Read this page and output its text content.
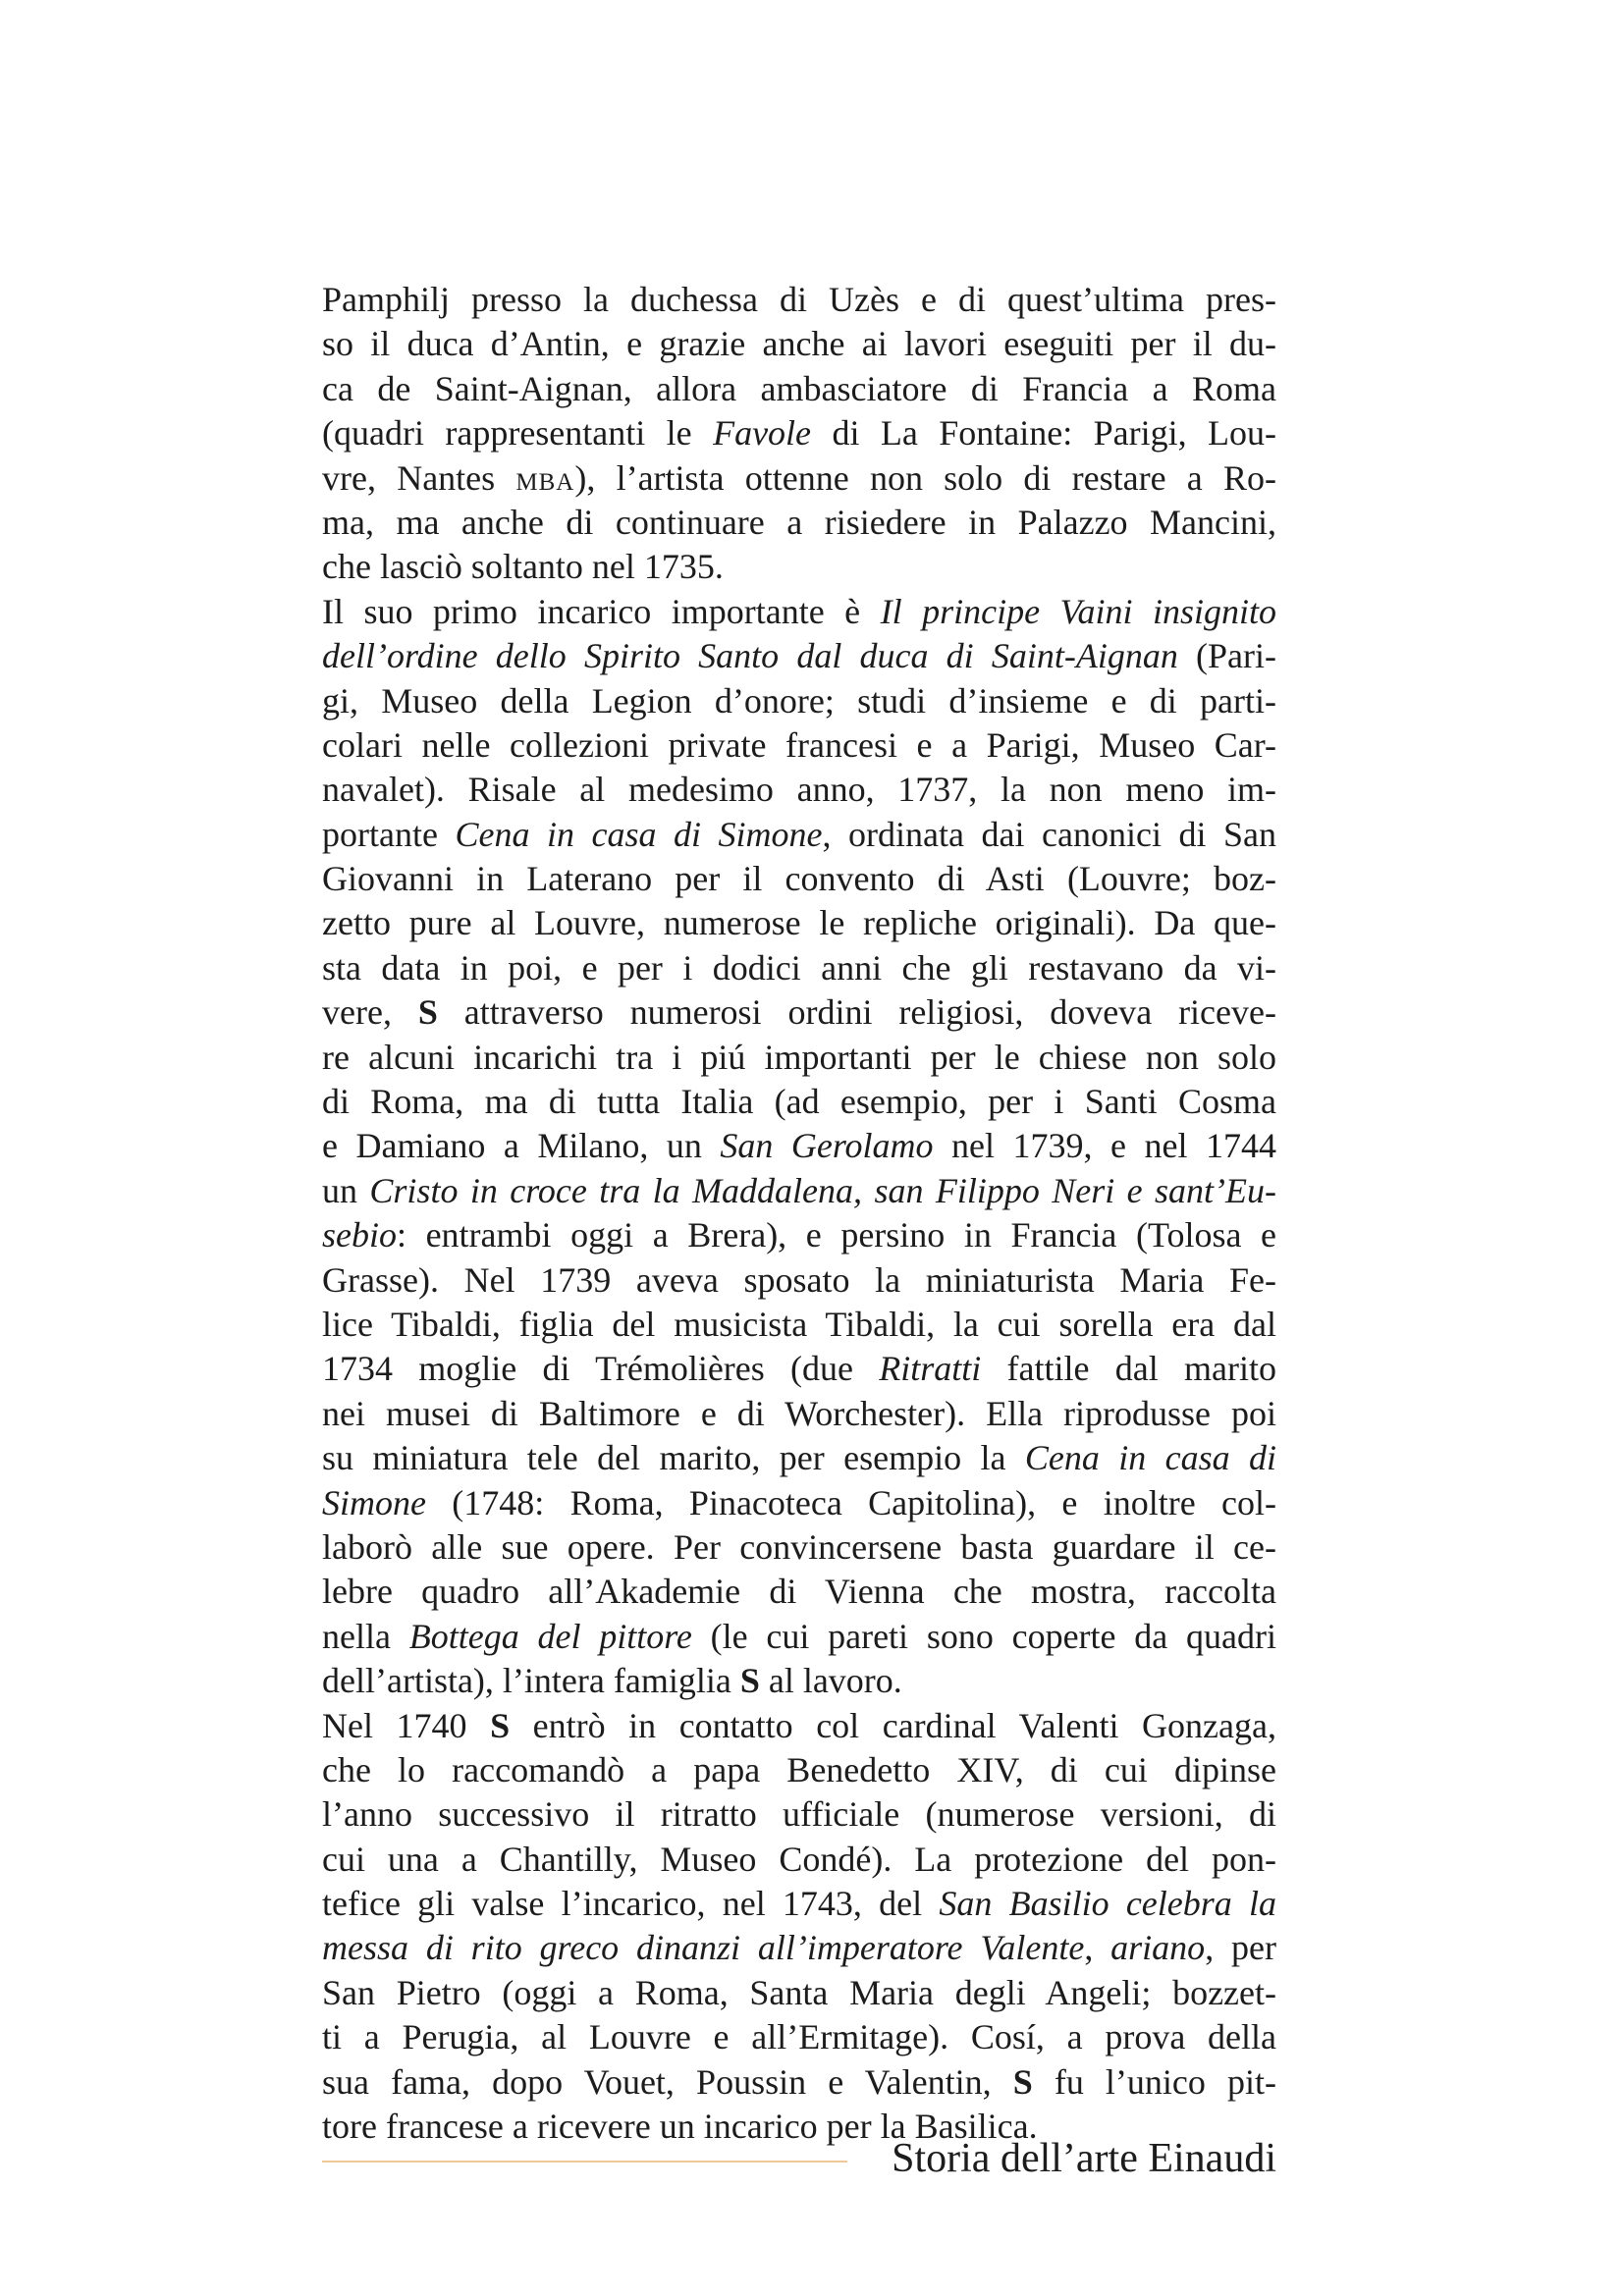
Pamphilj presso la duchessa di Uzès e di quest’ultima pres-
so il duca d’Antin, e grazie anche ai lavori eseguiti per il du-
ca de Saint-Aignan, allora ambasciatore di Francia a Roma
(quadri rappresentanti le Favole di La Fontaine: Parigi, Lou-
vre, Nantes mba), l’artista ottenne non solo di restare a Ro-
ma, ma anche di continuare a risiedere in Palazzo Mancini,
che lasciò soltanto nel 1735.
Il suo primo incarico importante è Il principe Vaini insignito
dell’ordine dello Spirito Santo dal duca di Saint-Aignan (Pari-
gi, Museo della Legion d’onore; studi d’insieme e di parti-
colari nelle collezioni private francesi e a Parigi, Museo Car-
navalet). Risale al medesimo anno, 1737, la non meno im-
portante Cena in casa di Simone, ordinata dai canonici di San
Giovanni in Laterano per il convento di Asti (Louvre; boz-
zetto pure al Louvre, numerose le repliche originali). Da que-
sta data in poi, e per i dodici anni che gli restavano da vi-
vere, S attraverso numerosi ordini religiosi, doveva riceve-
re alcuni incarichi tra i piú importanti per le chiese non solo
di Roma, ma di tutta Italia (ad esempio, per i Santi Cosma
e Damiano a Milano, un San Gerolamo nel 1739, e nel 1744
un Cristo in croce tra la Maddalena, san Filippo Neri e sant’Eu-
sebio: entrambi oggi a Brera), e persino in Francia (Tolosa e
Grasse). Nel 1739 aveva sposato la miniaturista Maria Fe-
lice Tibaldi, figlia del musicista Tibaldi, la cui sorella era dal
1734 moglie di Trémolières (due Ritratti fattile dal marito
nei musei di Baltimore e di Worchester). Ella riprodusse poi
su miniatura tele del marito, per esempio la Cena in casa di
Simone (1748: Roma, Pinacoteca Capitolina), e inoltre col-
laborò alle sue opere. Per convincersene basta guardare il ce-
lebre quadro all’Akademie di Vienna che mostra, raccolta
nella Bottega del pittore (le cui pareti sono coperte da quadri
dell’artista), l’intera famiglia S al lavoro.
Nel 1740 S entrò in contatto col cardinal Valenti Gonzaga,
che lo raccomandò a papa Benedetto XIV, di cui dipinse
l’anno successivo il ritratto ufficiale (numerose versioni, di
cui una a Chantilly, Museo Condé). La protezione del pon-
tefice gli valse l’incarico, nel 1743, del San Basilio celebra la
messa di rito greco dinanzi all’imperatore Valente, ariano, per
San Pietro (oggi a Roma, Santa Maria degli Angeli; bozzet-
ti a Perugia, al Louvre e all’Ermitage). Cosí, a prova della
sua fama, dopo Vouet, Poussin e Valentin, S fu l’unico pit-
tore francese a ricevere un incarico per la Basilica.
Storia dell’arte Einaudi
